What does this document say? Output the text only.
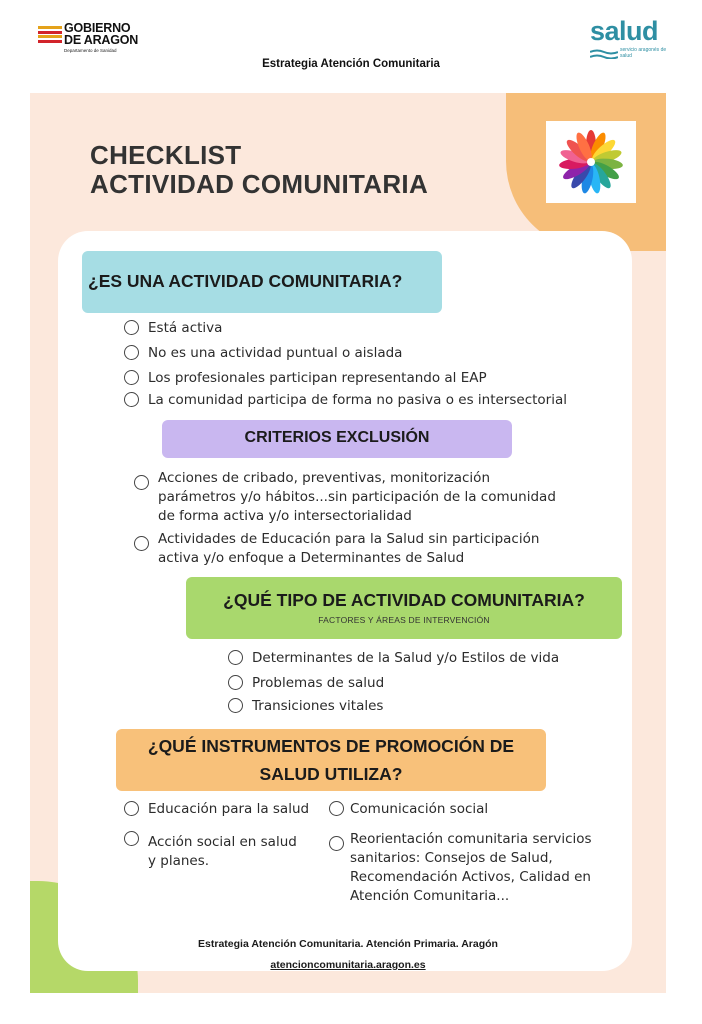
GOBIERNO
DE ARAGON
Departamento de Sanidad
salud
servicio aragonés de salud
Estrategia Atención Comunitaria
CHECKLIST
ACTIVIDAD COMUNITARIA
¿ES UNA ACTIVIDAD COMUNITARIA?
Está activa
No es una actividad puntual o aislada
Los profesionales participan representando al EAP
La comunidad participa de forma no pasiva o es intersectorial
CRITERIOS EXCLUSIÓN
Acciones de cribado, preventivas, monitorización
parámetros y/o hábitos...sin participación de la comunidad
de forma activa y/o intersectorialidad
Actividades de Educación para la Salud sin participación
activa y/o enfoque a Determinantes de Salud
¿QUÉ TIPO DE ACTIVIDAD COMUNITARIA?
FACTORES Y ÁREAS DE INTERVENCIÓN
Determinantes de la Salud y/o Estilos de vida
Problemas de salud
Transiciones vitales
¿QUÉ INSTRUMENTOS DE PROMOCIÓN DE
SALUD UTILIZA?
Educación para la salud	Comunicación social
Acción social en salud
y planes.
Reorientación comunitaria servicios
sanitarios: Consejos de Salud,
Recomendación Activos, Calidad en
Atención Comunitaria...
Estrategia Atención Comunitaria. Atención Primaria. Aragón
atencioncomunitaria.aragon.es
